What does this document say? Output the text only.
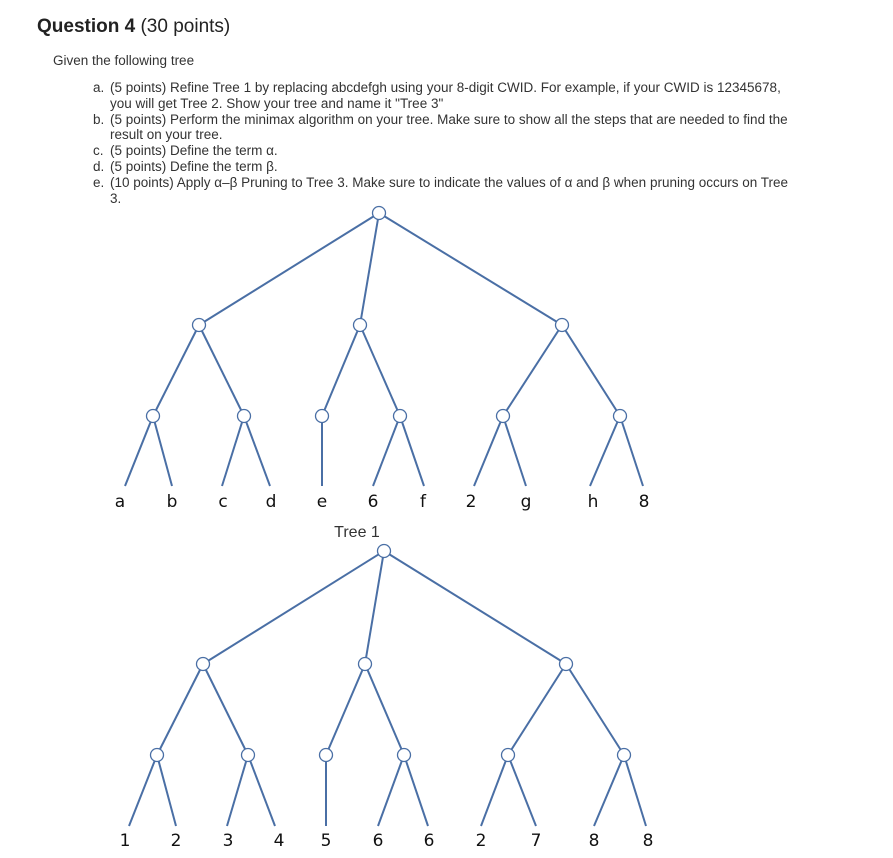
Question 4 (30 points)
Given the following tree
a. (5 points) Refine Tree 1 by replacing abcdefgh using your 8-digit CWID. For example, if your CWID is 12345678, you will get Tree 2. Show your tree and name it "Tree 3"
b. (5 points) Perform the minimax algorithm on your tree. Make sure to show all the steps that are needed to find the result on your tree.
c. (5 points) Define the term α.
d. (5 points) Define the term β.
e. (10 points) Apply α–β Pruning to Tree 3. Make sure to indicate the values of α and β when pruning occurs on Tree 3.
a b c d e 6 f 2	g	h 8
Tree 1
1 2 3 4 5 6 6 2	7	8	8
